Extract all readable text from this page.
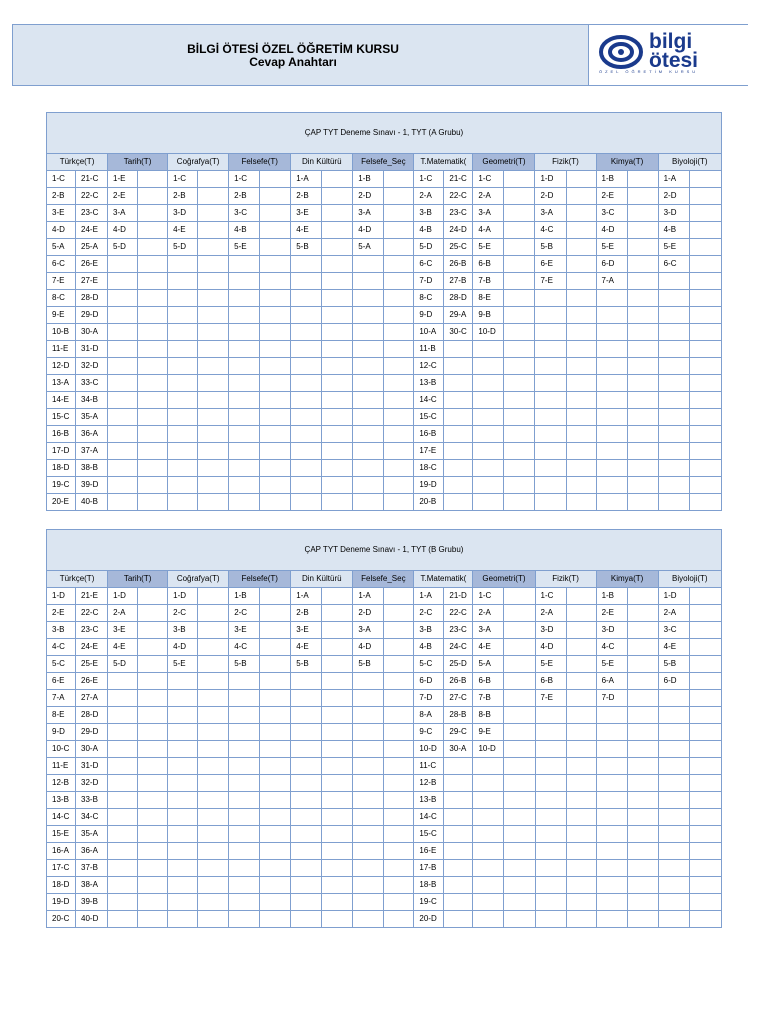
BİLGİ ÖTESİ ÖZEL ÖĞRETİM KURSU
Cevap Anahtarı
bilgi
ötesi
ÖZEL ÖĞRETİM KURSU
ÇAP TYT Deneme Sınavı - 1, TYT (A Grubu)																					
Türkçe(T)		Tarih(T)		Coğrafya(T)		Felsefe(T)		Din Kültürü		Felsefe_Seç		T.Matematik(		Geometri(T)		Fizik(T)		Kimya(T)		Biyoloji(T)	
1-C	21-C	1-E		1-C		1-C		1-A		1-B		1-C	21-C	1-C		1-D		1-B		1-A	
2-B	22-C	2-E		2-B		2-B		2-B		2-D		2-A	22-C	2-A		2-D		2-E		2-D	
3-E	23-C	3-A		3-D		3-C		3-E		3-A		3-B	23-C	3-A		3-A		3-C		3-D	
4-D	24-E	4-D		4-E		4-B		4-E		4-D		4-B	24-D	4-A		4-C		4-D		4-B	
5-A	25-A	5-D		5-D		5-E		5-B		5-A		5-D	25-C	5-E		5-B		5-E		5-E	
6-C	26-E											6-C	26-B	6-B		6-E		6-D		6-C	
7-E	27-E											7-D	27-B	7-B		7-E		7-A			
8-C	28-D											8-C	28-D	8-E							
9-E	29-D											9-D	29-A	9-B							
10-B	30-A											10-A	30-C	10-D							
11-E	31-D											11-B									
12-D	32-D											12-C									
13-A	33-C											13-B									
14-E	34-B											14-C									
15-C	35-A											15-C									
16-B	36-A											16-B									
17-D	37-A											17-E									
18-D	38-B											18-C									
19-C	39-D											19-D									
20-E	40-B											20-B									
ÇAP TYT Deneme Sınavı - 1, TYT (B Grubu)																					
Türkçe(T)		Tarih(T)		Coğrafya(T)		Felsefe(T)		Din Kültürü		Felsefe_Seç		T.Matematik(		Geometri(T)		Fizik(T)		Kimya(T)		Biyoloji(T)	
1-D	21-E	1-D		1-D		1-B		1-A		1-A		1-A	21-D	1-C		1-C		1-B		1-D	
2-E	22-C	2-A		2-C		2-C		2-B		2-D		2-C	22-C	2-A		2-A		2-E		2-A	
3-B	23-C	3-E		3-B		3-E		3-E		3-A		3-B	23-C	3-A		3-D		3-D		3-C	
4-C	24-E	4-E		4-D		4-C		4-E		4-D		4-B	24-C	4-E		4-D		4-C		4-E	
5-C	25-E	5-D		5-E		5-B		5-B		5-B		5-C	25-D	5-A		5-E		5-E		5-B	
6-E	26-E											6-D	26-B	6-B		6-B		6-A		6-D	
7-A	27-A											7-D	27-C	7-B		7-E		7-D			
8-E	28-D											8-A	28-B	8-B							
9-D	29-D											9-C	29-C	9-E							
10-C	30-A											10-D	30-A	10-D							
11-E	31-D											11-C									
12-B	32-D											12-B									
13-B	33-B											13-B									
14-C	34-C											14-C									
15-E	35-A											15-C									
16-A	36-A											16-E									
17-C	37-B											17-B									
18-D	38-A											18-B									
19-D	39-B											19-C									
20-C	40-D											20-D									
